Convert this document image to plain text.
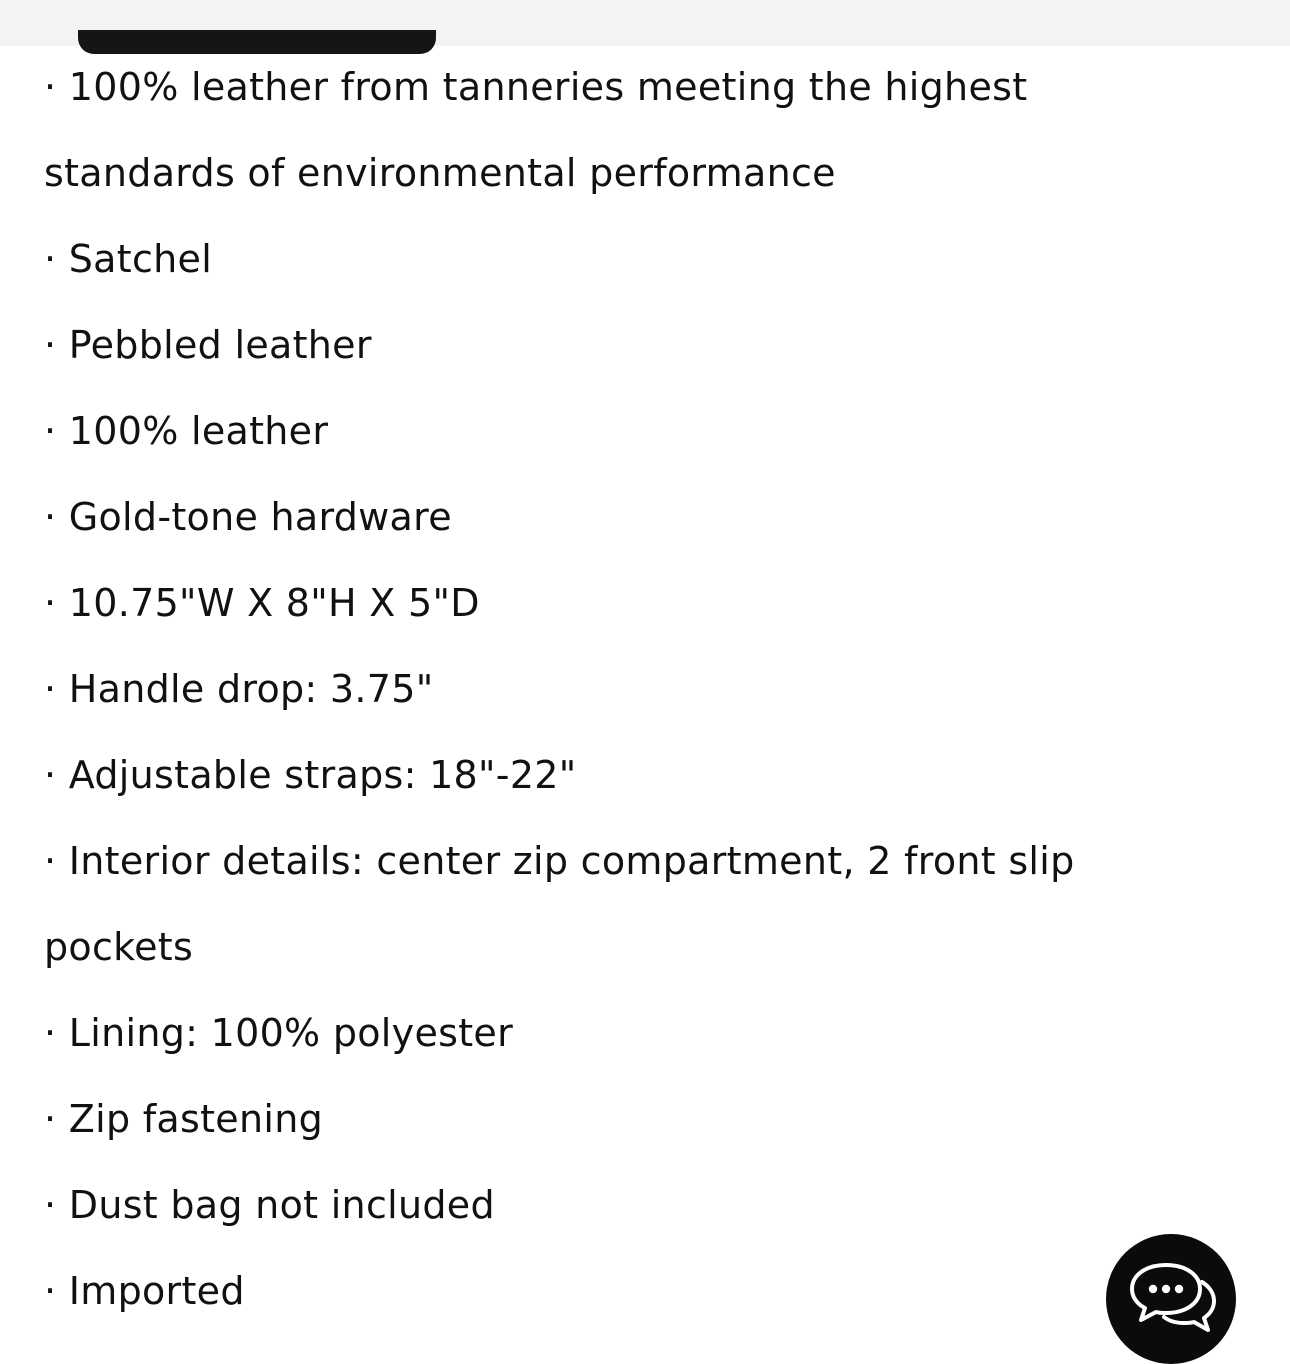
· 100% leather from tanneries meeting the highest
standards of environmental performance
· Satchel
· Pebbled leather
· 100% leather
· Gold-tone hardware
· 10.75"W X 8"H X 5"D
· Handle drop: 3.75"
· Adjustable straps: 18"-22"
· Interior details: center zip compartment, 2 front slip
pockets
· Lining: 100% polyester
· Zip fastening
· Dust bag not included
· Imported
